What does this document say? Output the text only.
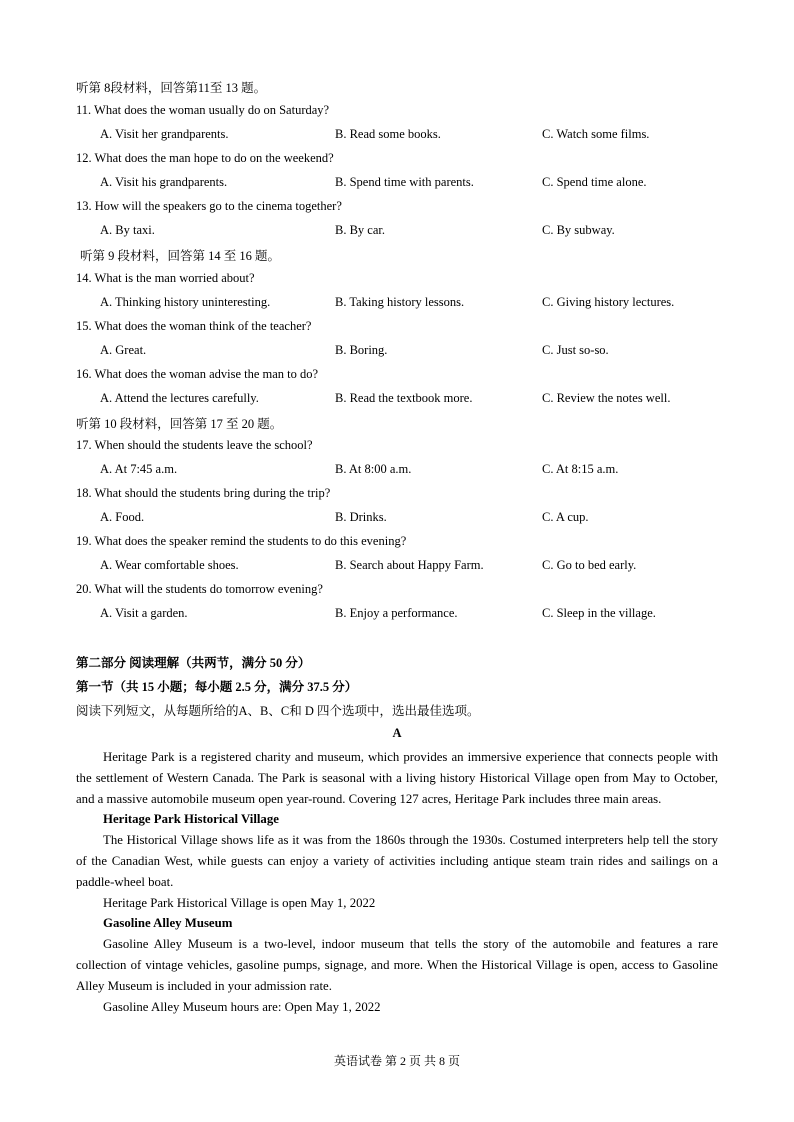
听第 8段材料，回答第11至 13 题。
11. What does the woman usually do on Saturday?
A. Visit her grandparents.	B. Read some books.	C. Watch some films.
12. What does the man hope to do on the weekend?
A. Visit his grandparents.	B. Spend time with parents.	C. Spend time alone.
13. How will the speakers go to the cinema together?
A. By taxi.	B. By car.	C. By subway.
听第 9 段材料，回答第 14 至 16 题。
14. What is the man worried about?
A. Thinking history uninteresting.	B. Taking history lessons.	C. Giving history lectures.
15. What does the woman think of the teacher?
A. Great.	B. Boring.	C. Just so-so.
16. What does the woman advise the man to do?
A. Attend the lectures carefully.	B. Read the textbook more.	C. Review the notes well.
听第 10 段材料，回答第 17 至 20 题。
17. When should the students leave the school?
A. At 7:45 a.m.	B. At 8:00 a.m.	C. At 8:15 a.m.
18. What should the students bring during the trip?
A. Food.	B. Drinks.	C. A cup.
19. What does the speaker remind the students to do this evening?
A. Wear comfortable shoes.	B. Search about Happy Farm.	C. Go to bed early.
20. What will the students do tomorrow evening?
A. Visit a garden.	B. Enjoy a performance.	C. Sleep in the village.
第二部分 阅读理解（共两节，满分 50 分）
第一节（共 15 小题；每小题 2.5 分，满分 37.5 分）
阅读下列短文，从每题所给的A、B、C和 D 四个选项中，选出最佳选项。
A

Heritage Park is a registered charity and museum, which provides an immersive experience that connects people with the settlement of Western Canada. The Park is seasonal with a living history Historical Village open from May to October, and a massive automobile museum open year-round. Covering 127 acres, Heritage Park includes three main areas.

Heritage Park Historical Village

The Historical Village shows life as it was from the 1860s through the 1930s. Costumed interpreters help tell the story of the Canadian West, while guests can enjoy a variety of activities including antique steam train rides and sailings on a paddle-wheel boat.

Heritage Park Historical Village is open May 1, 2022

Gasoline Alley Museum

Gasoline Alley Museum is a two-level, indoor museum that tells the story of the automobile and features a rare collection of vintage vehicles, gasoline pumps, signage, and more. When the Historical Village is open, access to Gasoline Alley Museum is included in your admission rate.

Gasoline Alley Museum hours are: Open May 1, 2022

英语试卷 第 2 页 共 8 页
